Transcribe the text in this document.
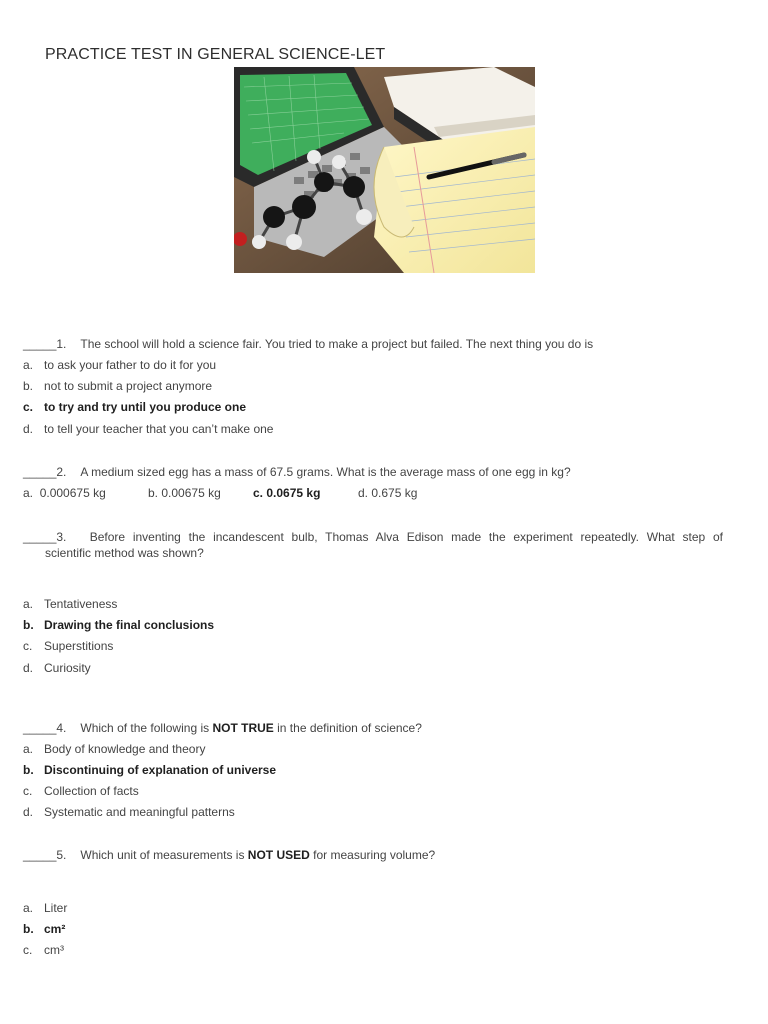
PRACTICE TEST IN GENERAL SCIENCE-LET
_____1. The school will hold a science fair. You tried to make a project but failed. The next thing you do is
a. to ask your father to do it for you
b. not to submit a project anymore
c. to try and try until you produce one
d. to tell your teacher that you can’t make one
_____2. A medium sized egg has a mass of 67.5 grams. What is the average mass of one egg in kg?
a. 0.000675 kg	b. 0.00675 kg	c. 0.0675 kg	d. 0.675 kg
_____3. Before inventing the incandescent bulb, Thomas Alva Edison made the experiment repeatedly. What step of
scientific method was shown?
a. Tentativeness
b. Drawing the final conclusions
c. Superstitions
d. Curiosity
_____4. Which of the following is NOT TRUE in the definition of science?
a. Body of knowledge and theory
b. Discontinuing of explanation of universe
c. Collection of facts
d. Systematic and meaningful patterns
_____5. Which unit of measurements is NOT USED for measuring volume?
a. Liter
b. cm²
c. cm³
